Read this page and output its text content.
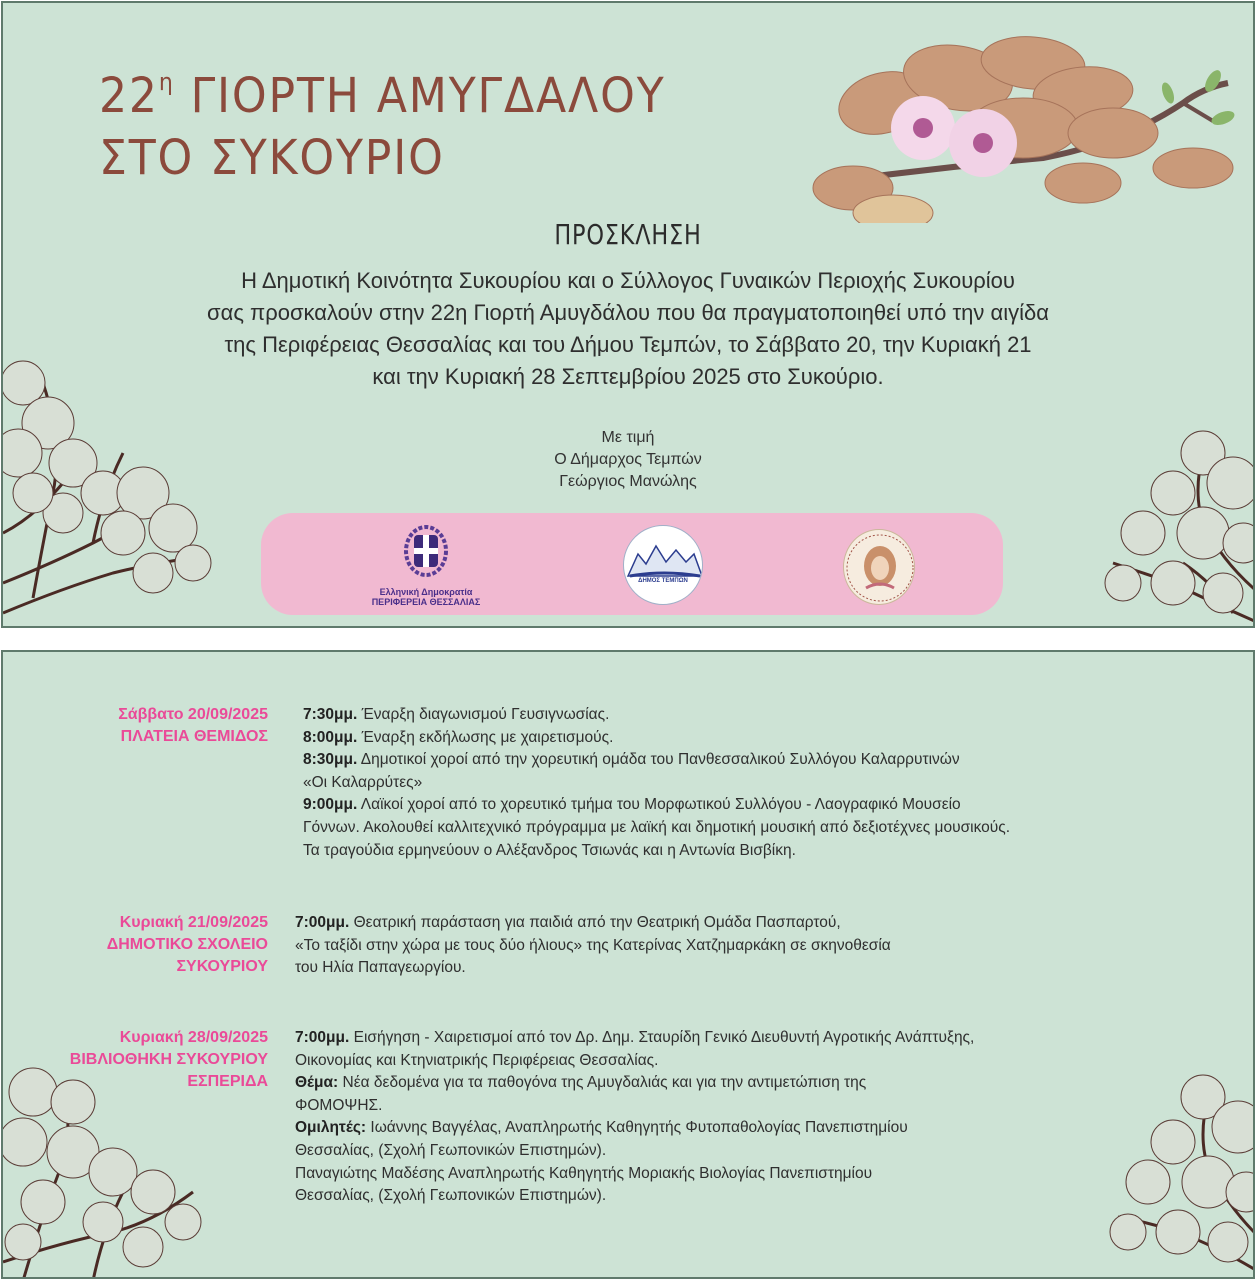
$22^\eta$ ΓΙΟΡΤΗ ΑΜΥΓΔΑΛΟΥ
ΣΤΟ ΣΥΚΟΥΡΙΟ
ΠΡΟΣΚΛΗΣΗ
Η Δημοτική Κοινότητα Συκουρίου και ο Σύλλογος Γυναικών Περιοχής Συκουρίου
σας προσκαλούν στην 22η Γιορτή Αμυγδάλου που θα πραγματοποιηθεί υπό την αιγίδα
της Περιφέρειας Θεσσαλίας και του Δήμου Τεμπών, το Σάββατο 20, την Κυριακή 21
και την Κυριακή 28 Σεπτεμβρίου 2025 στο Συκούριο.
Με τιμή
Ο Δήμαρχος Τεμπών
Γεώργιος Μανώλης
Ελληνική Δημοκρατία
ΠΕΡΙΦΕΡΕΙΑ ΘΕΣΣΑΛΙΑΣ
ΔΗΜΟΣ ΤΕΜΠΩΝ
Σάββατο 20/09/2025
ΠΛΑΤΕΙΑ ΘΕΜΙΔΟΣ
7:30μμ. Έναρξη διαγωνισμού Γευσιγνωσίας.
8:00μμ. Έναρξη εκδήλωσης με χαιρετισμούς.
8:30μμ. Δημοτικοί χοροί από την χορευτική ομάδα του Πανθεσσαλικού Συλλόγου Καλαρρυτινών
«Οι Καλαρρύτες»
9:00μμ. Λαϊκοί χοροί από το χορευτικό τμήμα του Μορφωτικού Συλλόγου - Λαογραφικό Μουσείο
Γόννων. Ακολουθεί καλλιτεχνικό πρόγραμμα με λαϊκή και δημοτική μουσική από δεξιοτέχνες μουσικούς.
Τα τραγούδια ερμηνεύουν ο Αλέξανδρος Τσιωνάς και η Αντωνία Βισβίκη.
Κυριακή 21/09/2025
ΔΗΜΟΤΙΚΟ ΣΧΟΛΕΙΟ
ΣΥΚΟΥΡΙΟΥ
7:00μμ. Θεατρική παράσταση για παιδιά από την Θεατρική Ομάδα Πασπαρτού,
«Το ταξίδι στην χώρα με τους δύο ήλιους» της Κατερίνας Χατζημαρκάκη σε σκηνοθεσία
του Ηλία Παπαγεωργίου.
Κυριακή 28/09/2025
ΒΙΒΛΙΟΘΗΚΗ ΣΥΚΟΥΡΙΟΥ
ΕΣΠΕΡΙΔΑ
7:00μμ. Εισήγηση - Χαιρετισμοί από τον Δρ. Δημ. Σταυρίδη Γενικό Διευθυντή Αγροτικής Ανάπτυξης,
Οικονομίας και Κτηνιατρικής Περιφέρειας Θεσσαλίας.
Θέμα: Νέα δεδομένα για τα παθογόνα της Αμυγδαλιάς και για την αντιμετώπιση της
ΦΟΜΟΨΗΣ.
Ομιλητές: Ιωάννης Βαγγέλας, Αναπληρωτής Καθηγητής Φυτοπαθολογίας Πανεπιστημίου
Θεσσαλίας, (Σχολή Γεωπονικών Επιστημών).
Παναγιώτης Μαδέσης Αναπληρωτής Καθηγητής Μοριακής Βιολογίας Πανεπιστημίου
Θεσσαλίας, (Σχολή Γεωπονικών Επιστημών).
